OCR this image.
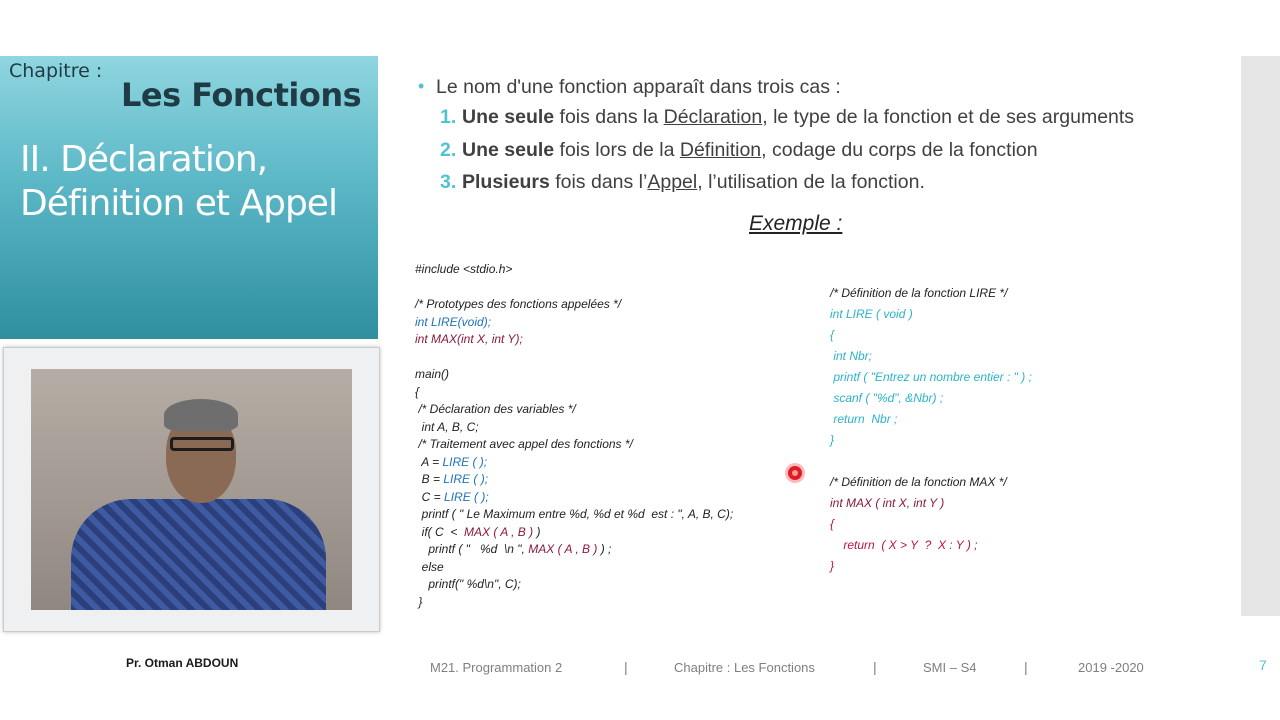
Chapitre :
Les Fonctions
II. Déclaration, Définition et Appel
• Le nom d'une fonction apparaît dans trois cas :
1. Une seule fois dans la Déclaration, le type de la fonction et de ses arguments
2. Une seule fois lors de la Définition, codage du corps de la fonction
3. Plusieurs fois dans l’Appel, l’utilisation de la fonction.
Exemple :
#include <stdio.h>

/* Prototypes des fonctions appelées */
int LIRE(void);
int MAX(int X, int Y);

main()
{
/* Déclaration des variables */
int A, B, C;
/* Traitement avec appel des fonctions */
A = LIRE ( );
B = LIRE ( );
C = LIRE ( );
printf ( " Le Maximum entre %d, %d et %d  est : ", A, B, C);
if( C  <  MAX ( A , B ) )
printf ( "   %d  \n ", MAX ( A , B ) ) ;
else
printf(" %d\n", C);
}
/* Définition de la fonction LIRE */
int LIRE ( void )
{
int Nbr;
printf ( "Entrez un nombre entier : " ) ;
scanf ( "%d", &Nbr) ;
return  Nbr ;
}

/* Définition de la fonction MAX */
int MAX ( int X, int Y )
{
return  ( X > Y  ?  X : Y ) ;
}
Pr. Otman ABDOUN	M21. Programmation 2	|	Chapitre : Les Fonctions	|	SMI – S4	|	2019 -2020	7
